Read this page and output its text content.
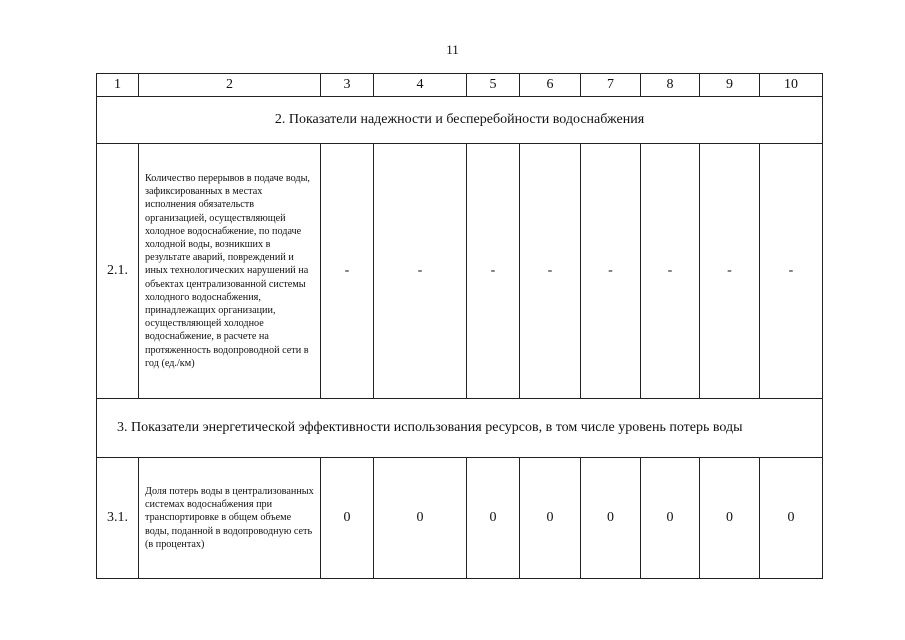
11
1	2	3	4	5	6	7	8	9	10
2. Показатели надежности и бесперебойности водоснабжения									
2.1.	Количество перерывов в подаче воды, зафиксированных в местах исполнения обязательств организацией, осуществляющей холодное водоснабжение, по подаче холодной воды, возникших в результате аварий, повреждений и иных технологических нарушений на объектах централизованной системы холодного водоснабжения, принадлежащих организации, осуществляющей холодное водоснабжение, в расчете на протяженность водопроводной сети в год (ед./км)	-	-	-	-	-	-	-	-
3. Показатели энергетической эффективности использования ресурсов, в том числе уровень потерь воды									
3.1.	Доля потерь воды в централизованных системах водоснабжения при транспортировке в общем объеме воды, поданной в водопроводную сеть (в процентах)	0	0	0	0	0	0	0	0
